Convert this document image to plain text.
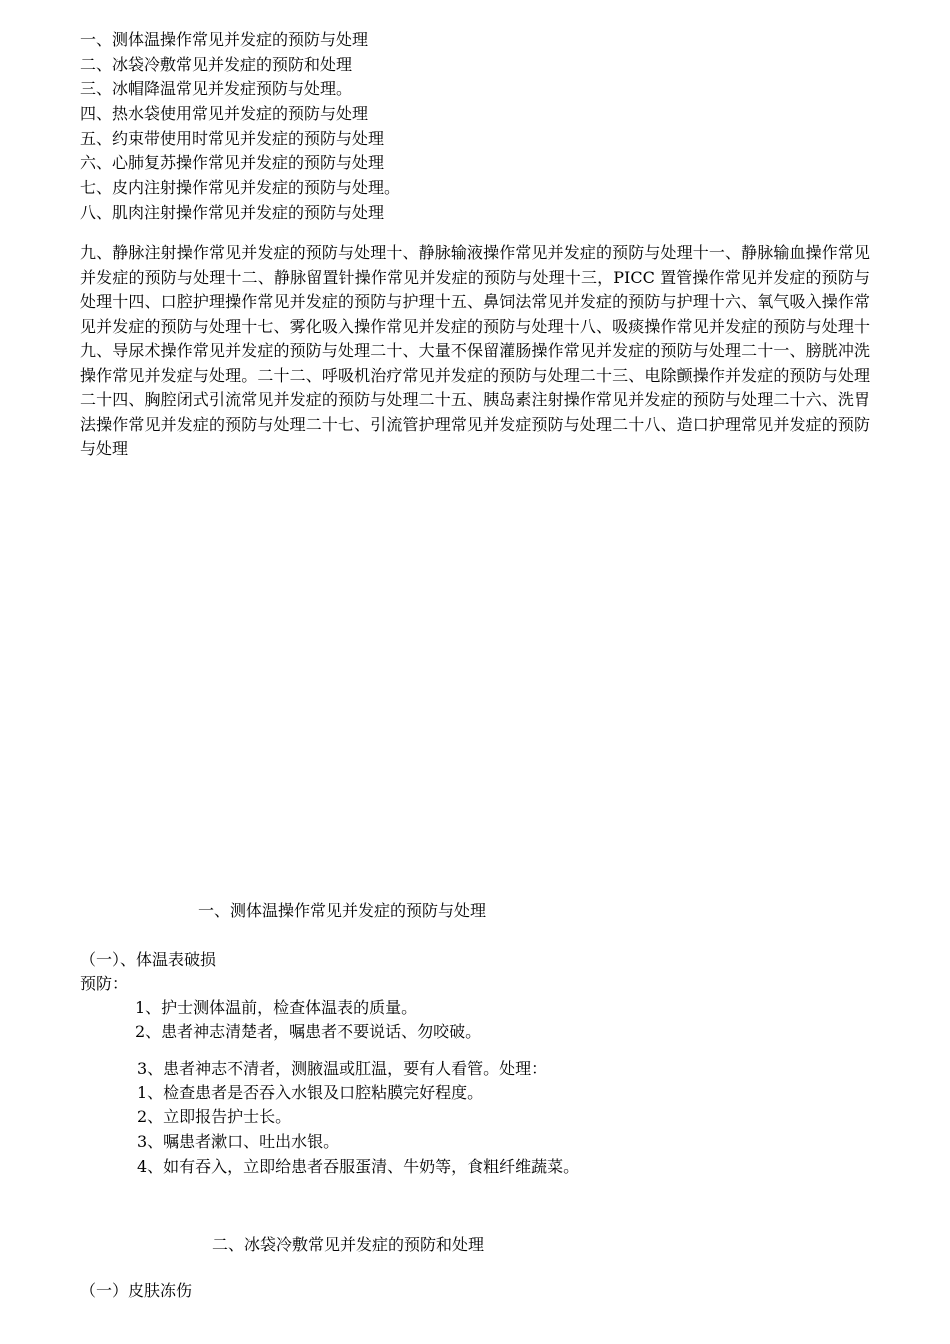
一、测体温操作常见并发症的预防与处理
二、冰袋冷敷常见并发症的预防和处理
三、冰帽降温常见并发症预防与处理。
四、热水袋使用常见并发症的预防与处理
五、约束带使用时常见并发症的预防与处理
六、心肺复苏操作常见并发症的预防与处理
七、皮内注射操作常见并发症的预防与处理。
八、肌肉注射操作常见并发症的预防与处理

九、静脉注射操作常见并发症的预防与处理十、静脉输液操作常见并发症的预防与处理十一、静脉输血操作常见并发症的预防与处理十二、静脉留置针操作常见并发症的预防与处理十三，PICC 置管操作常见并发症的预防与处理十四、口腔护理操作常见并发症的预防与护理十五、鼻饲法常见并发症的预防与护理十六、氧气吸入操作常见并发症的预防与处理十七、雾化吸入操作常见并发症的预防与处理十八、吸痰操作常见并发症的预防与处理十九、导尿术操作常见并发症的预防与处理二十、大量不保留灌肠操作常见并发症的预防与处理二十一、膀胱冲洗操作常见并发症与处理。二十二、呼吸机治疗常见并发症的预防与处理二十三、电除颤操作并发症的预防与处理二十四、胸腔闭式引流常见并发症的预防与处理二十五、胰岛素注射操作常见并发症的预防与处理二十六、洗胃法操作常见并发症的预防与处理二十七、引流管护理常见并发症预防与处理二十八、造口护理常见并发症的预防与处理

一、测体温操作常见并发症的预防与处理
（一）、体温表破损
预防：
1、护士测体温前，检查体温表的质量。
2、患者神志清楚者，嘱患者不要说话、勿咬破。
3、患者神志不清者，测腋温或肛温，要有人看管。处理：
1、检查患者是否吞入水银及口腔粘膜完好程度。
2、立即报告护士长。
3、嘱患者漱口、吐出水银。
4、如有吞入，立即给患者吞服蛋清、牛奶等，食粗纤维蔬菜。
二、冰袋冷敷常见并发症的预防和处理
（一）皮肤冻伤
